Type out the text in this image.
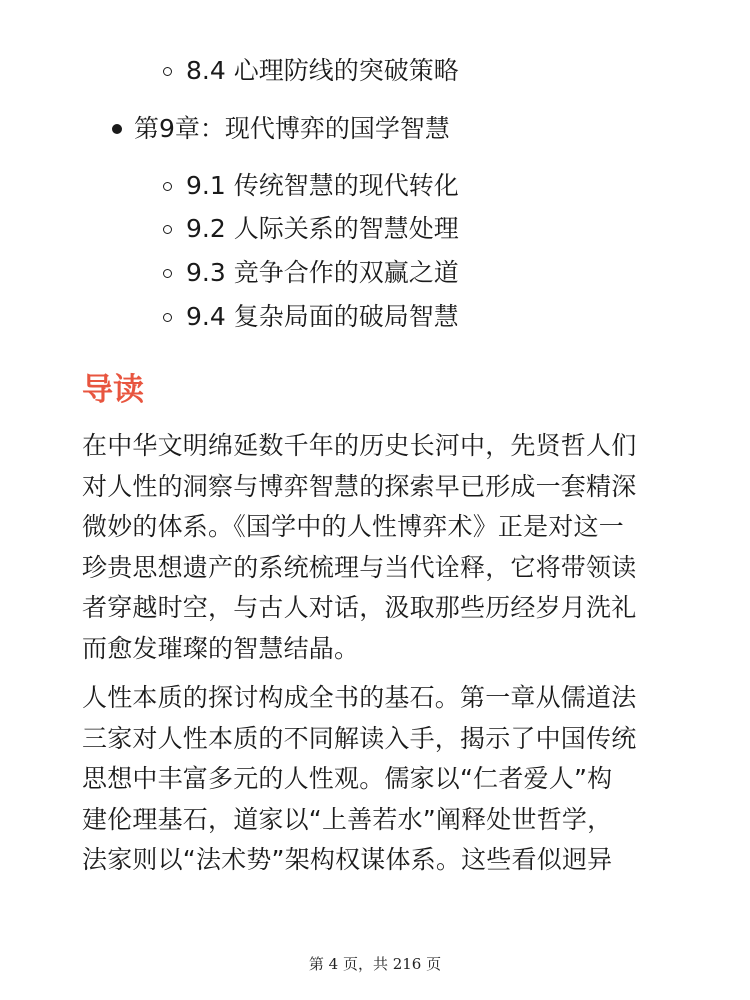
8.4 心理防线的突破策略
第9章：现代博弈的国学智慧
9.1 传统智慧的现代转化
9.2 人际关系的智慧处理
9.3 竞争合作的双赢之道
9.4 复杂局面的破局智慧
导读

在中华文明绵延数千年的历史长河中，先贤哲人们
对人性的洞察与博弈智慧的探索早已形成一套精深
微妙的体系。《国学中的人性博弈术》正是对这一
珍贵思想遗产的系统梳理与当代诠释，它将带领读
者穿越时空，与古人对话，汲取那些历经岁月洗礼
而愈发璀璨的智慧结晶。

人性本质的探讨构成全书的基石。第一章从儒道法
三家对人性本质的不同解读入手，揭示了中国传统
思想中丰富多元的人性观。儒家以“仁者爱人”构
建伦理基石，道家以“上善若水”阐释处世哲学，
法家则以“法术势”架构权谋体系。这些看似迥异

第 4 页，共 216 页
